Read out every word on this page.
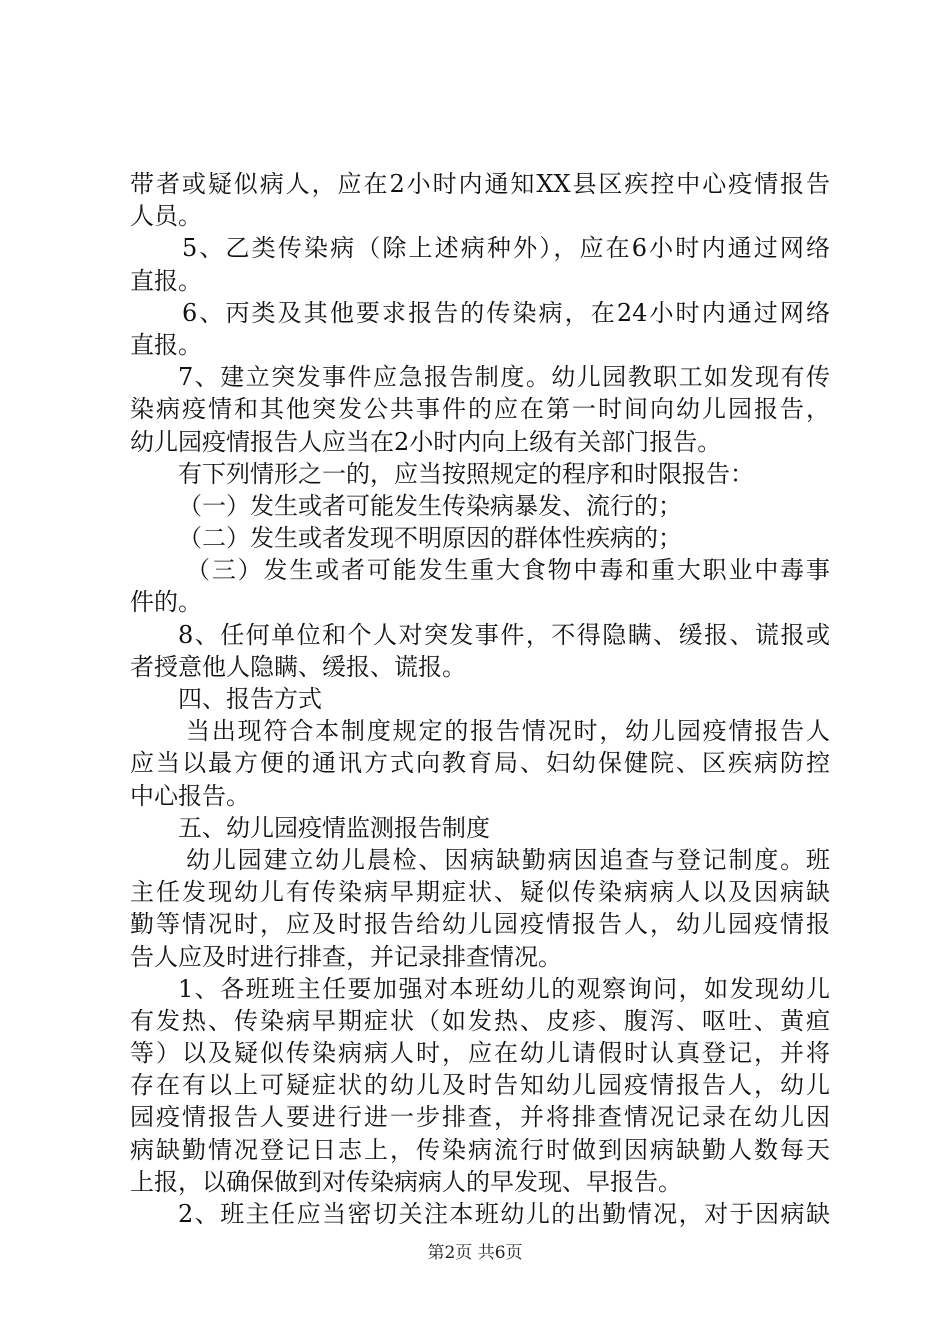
带者或疑似病人，应在2小时内通知XX县区疾控中心疫情报告
人员。
5、乙类传染病（除上述病种外），应在6小时内通过网络
直报。
6、丙类及其他要求报告的传染病，在24小时内通过网络
直报。
7、建立突发事件应急报告制度。幼儿园教职工如发现有传
染病疫情和其他突发公共事件的应在第一时间向幼儿园报告，
幼儿园疫情报告人应当在2小时内向上级有关部门报告。
有下列情形之一的，应当按照规定的程序和时限报告：
（一）发生或者可能发生传染病暴发、流行的；
（二）发生或者发现不明原因的群体性疾病的；
（三）发生或者可能发生重大食物中毒和重大职业中毒事
件的。
8、任何单位和个人对突发事件，不得隐瞒、缓报、谎报或
者授意他人隐瞒、缓报、谎报。
四、报告方式
当出现符合本制度规定的报告情况时，幼儿园疫情报告人
应当以最方便的通讯方式向教育局、妇幼保健院、区疾病防控
中心报告。
五、幼儿园疫情监测报告制度
幼儿园建立幼儿晨检、因病缺勤病因追查与登记制度。班
主任发现幼儿有传染病早期症状、疑似传染病病人以及因病缺
勤等情况时，应及时报告给幼儿园疫情报告人，幼儿园疫情报
告人应及时进行排查，并记录排查情况。
1、各班班主任要加强对本班幼儿的观察询问，如发现幼儿
有发热、传染病早期症状（如发热、皮疹、腹泻、呕吐、黄疸
等）以及疑似传染病病人时，应在幼儿请假时认真登记，并将
存在有以上可疑症状的幼儿及时告知幼儿园疫情报告人，幼儿
园疫情报告人要进行进一步排查，并将排查情况记录在幼儿因
病缺勤情况登记日志上，传染病流行时做到因病缺勤人数每天
上报，以确保做到对传染病病人的早发现、早报告。
2、班主任应当密切关注本班幼儿的出勤情况，对于因病缺
第2页 共6页
